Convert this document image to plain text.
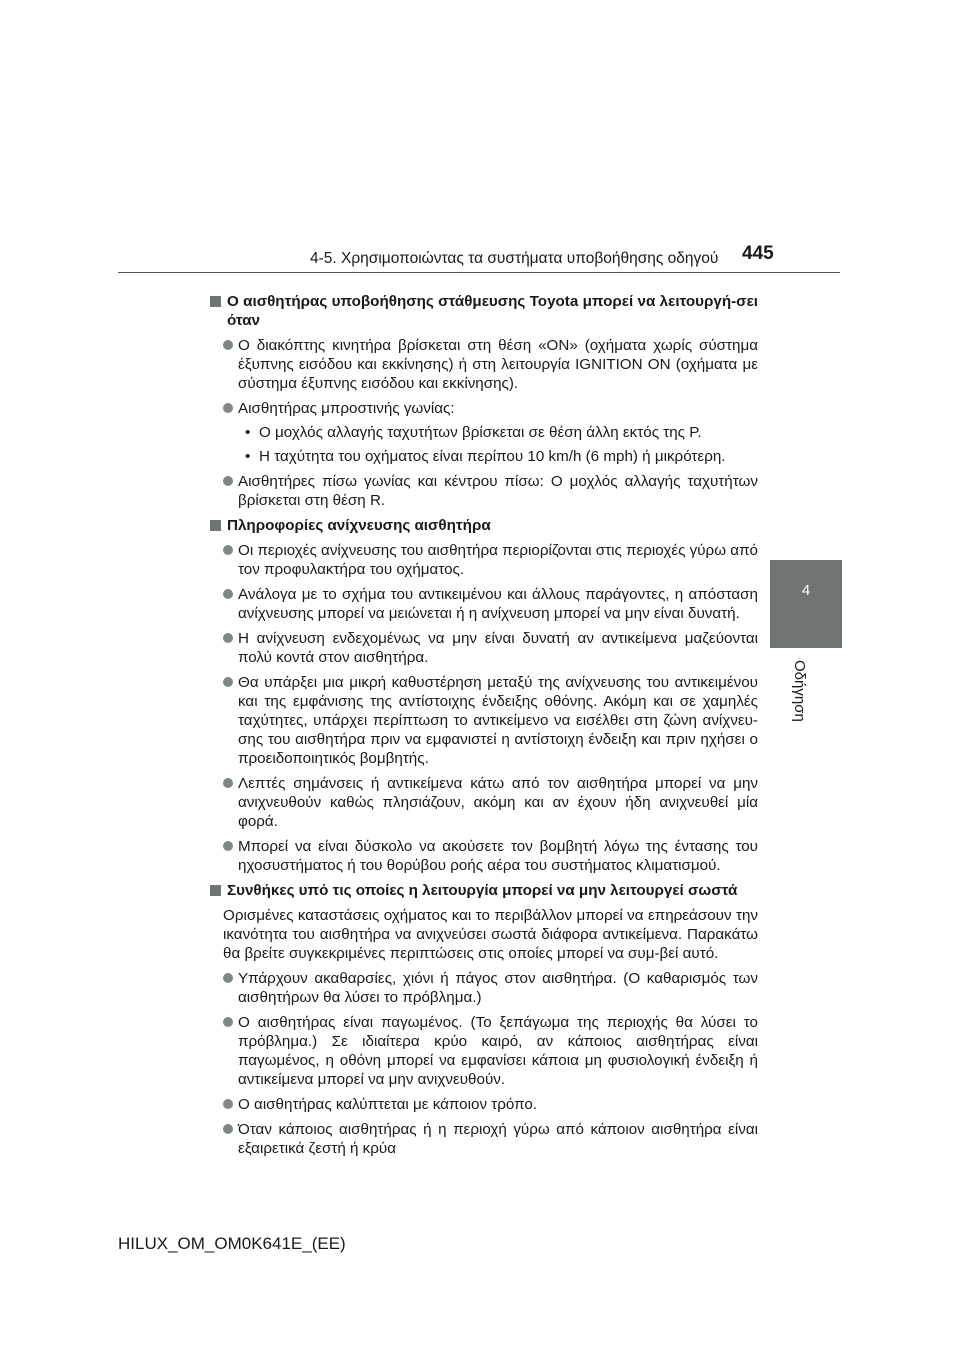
4-5. Χρησιμοποιώντας τα συστήματα υποβοήθησης οδηγού 445
4
Οδήγηση
Ο αισθητήρας υποβοήθησης στάθμευσης Toyota μπορεί να λειτουργή-σει όταν
Ο διακόπτης κινητήρα βρίσκεται στη θέση «ON» (οχήματα χωρίς σύστημα έξυπνης εισόδου και εκκίνησης) ή στη λειτουργία IGNITION ON (οχήματα με σύστημα έξυπνης εισόδου και εκκίνησης).
Αισθητήρας μπροστινής γωνίας:
• Ο μοχλός αλλαγής ταχυτήτων βρίσκεται σε θέση άλλη εκτός της P.
• Η ταχύτητα του οχήματος είναι περίπου 10 km/h (6 mph) ή μικρότερη.
Αισθητήρες πίσω γωνίας και κέντρου πίσω: Ο μοχλός αλλαγής ταχυτήτων βρίσκεται στη θέση R.
Πληροφορίες ανίχνευσης αισθητήρα
Οι περιοχές ανίχνευσης του αισθητήρα περιορίζονται στις περιοχές γύρω από τον προφυλακτήρα του οχήματος.
Ανάλογα με το σχήμα του αντικειμένου και άλλους παράγοντες, η απόσταση ανίχνευσης μπορεί να μειώνεται ή η ανίχνευση μπορεί να μην είναι δυνατή.
Η ανίχνευση ενδεχομένως να μην είναι δυνατή αν αντικείμενα μαζεύονται πολύ κοντά στον αισθητήρα.
Θα υπάρξει μια μικρή καθυστέρηση μεταξύ της ανίχνευσης του αντικειμένου και της εμφάνισης της αντίστοιχης ένδειξης οθόνης. Ακόμη και σε χαμηλές ταχύτητες, υπάρχει περίπτωση το αντικείμενο να εισέλθει στη ζώνη ανίχνευ-σης του αισθητήρα πριν να εμφανιστεί η αντίστοιχη ένδειξη και πριν ηχήσει ο προειδοποιητικός βομβητής.
Λεπτές σημάνσεις ή αντικείμενα κάτω από τον αισθητήρα μπορεί να μην ανιχνευθούν καθώς πλησιάζουν, ακόμη και αν έχουν ήδη ανιχνευθεί μία φορά.
Μπορεί να είναι δύσκολο να ακούσετε τον βομβητή λόγω της έντασης του ηχοσυστήματος ή του θορύβου ροής αέρα του συστήματος κλιματισμού.
Συνθήκες υπό τις οποίες η λειτουργία μπορεί να μην λειτουργεί σωστά
Ορισμένες καταστάσεις οχήματος και το περιβάλλον μπορεί να επηρεάσουν την ικανότητα του αισθητήρα να ανιχνεύσει σωστά διάφορα αντικείμενα. Παρακάτω θα βρείτε συγκεκριμένες περιπτώσεις στις οποίες μπορεί να συμ-βεί αυτό.
Υπάρχουν ακαθαρσίες, χιόνι ή πάγος στον αισθητήρα. (Ο καθαρισμός των αισθητήρων θα λύσει το πρόβλημα.)
Ο αισθητήρας είναι παγωμένος. (Το ξεπάγωμα της περιοχής θα λύσει το πρόβλημα.) Σε ιδιαίτερα κρύο καιρό, αν κάποιος αισθητήρας είναι παγωμένος, η οθόνη μπορεί να εμφανίσει κάποια μη φυσιολογική ένδειξη ή αντικείμενα μπορεί να μην ανιχνευθούν.
Ο αισθητήρας καλύπτεται με κάποιον τρόπο.
Όταν κάποιος αισθητήρας ή η περιοχή γύρω από κάποιον αισθητήρα είναι εξαιρετικά ζεστή ή κρύα
HILUX_OM_OM0K641E_(EE)
